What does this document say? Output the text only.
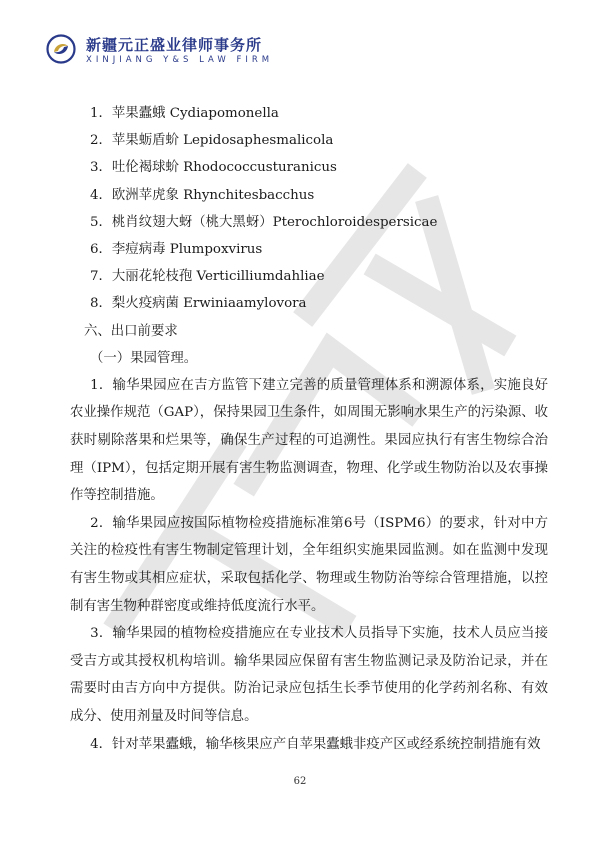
新疆元正盛业律师事务所
XINJIANG Y&S LAW FIRM
1．苹果蠹蛾 Cydiapomonella
2．苹果蛎盾蚧 Lepidosaphesmalicola
3．吐伦褐球蚧 Rhodococcusturanicus
4．欧洲苹虎象 Rhynchitesbacchus
5．桃肖纹翅大蚜（桃大黑蚜）Pterochloroidespersicae
6．李痘病毒 Plumpoxvirus
7．大丽花轮枝孢 Verticilliumdahliae
8．梨火疫病菌 Erwiniaamylovora
六、出口前要求
（一）果园管理。
1．输华果园应在吉方监管下建立完善的质量管理体系和溯源体系，实施良好农业操作规范（GAP），保持果园卫生条件，如周围无影响水果生产的污染源、收获时剔除落果和烂果等，确保生产过程的可追溯性。果园应执行有害生物综合治理（IPM），包括定期开展有害生物监测调查，物理、化学或生物防治以及农事操作等控制措施。
2．输华果园应按国际植物检疫措施标准第6号（ISPM6）的要求，针对中方关注的检疫性有害生物制定管理计划，全年组织实施果园监测。如在监测中发现有害生物或其相应症状，采取包括化学、物理或生物防治等综合管理措施，以控制有害生物种群密度或维持低度流行水平。
3．输华果园的植物检疫措施应在专业技术人员指导下实施，技术人员应当接受吉方或其授权机构培训。输华果园应保留有害生物监测记录及防治记录，并在需要时由吉方向中方提供。防治记录应包括生长季节使用的化学药剂名称、有效成分、使用剂量及时间等信息。
4．针对苹果蠹蛾，输华核果应产自苹果蠹蛾非疫产区或经系统控制措施有效
62
